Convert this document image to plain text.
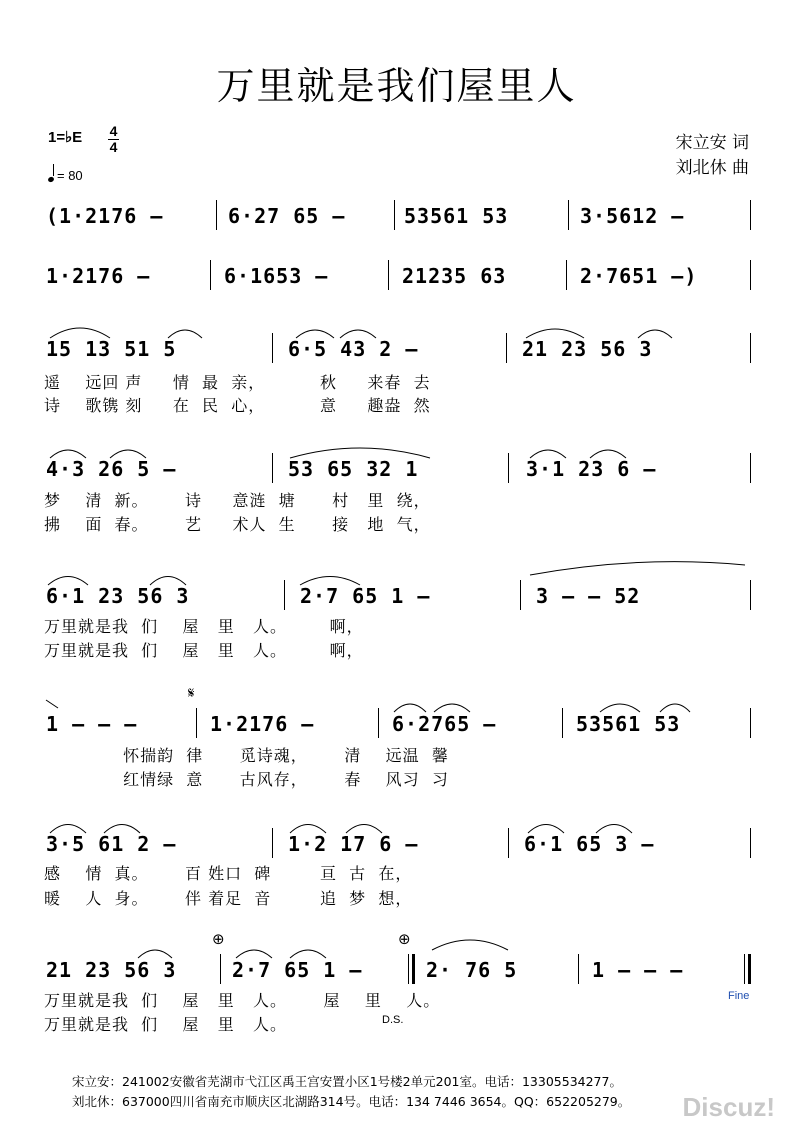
万里就是我们屋里人
1=♭E 4
4
= 80
宋立安 词
刘北休 曲
(1·2176 –	6·27 65 –	53561 53	3·5612 –
1·2176 –	6·1653 –	21235 63	2·7651 –)
15 13 51 5	6·5 43 2 –	21 23 56 3
遥    远回 声     情  最  亲，         秋     来春  去
诗    歌镌 刻     在  民  心，         意     趣盎  然
4·3 26 5 –	53 65 32 1	3·1 23 6 –
梦    清  新。      诗     意涟  塘      村   里  绕，
拂    面  春。      艺     术人  生      接   地  气，
6·1 23 56 3	2·7 65 1 –	3 – – 52
万里就是我  们    屋   里   人。       啊，
万里就是我  们    屋   里   人。       啊，
𝄋
1 – – –	1·2176 –	6·2765 –	53561 53
怀揣韵  律      觅诗魂，      清    远温  馨
红情绿  意      古风存，      春    风习  习
3·5 61 2 –	1·2 17 6 –	6·1 65 3 –
感    情  真。      百 姓口  碑        亘  古  在，
暖    人  身。      伴 着足  音        追  梦  想，
⊕	⊕
21 23 56 3	2·7 65 1 –	2· 76 5	1 – – –
万里就是我  们    屋   里   人。      屋    里    人。
万里就是我  们    屋   里   人。
Fine
D.S.
宋立安：241002安徽省芜湖市弋江区禹王宫安置小区1号楼2单元201室。电话：13305534277。
刘北休：637000四川省南充市顺庆区北湖路314号。电话：134 7446 3654。QQ：652205279。 Discuz!
